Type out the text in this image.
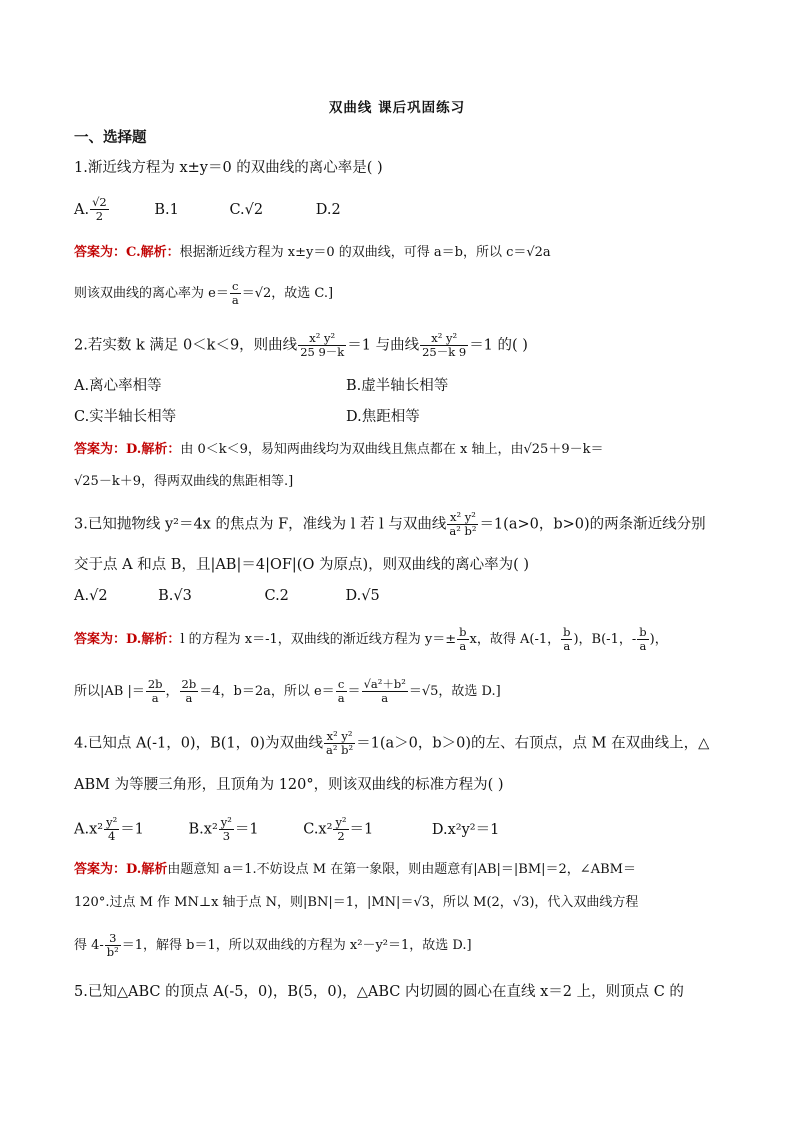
双曲线 课后巩固练习
一、选择题
1.渐近线方程为 x±y＝0 的双曲线的离心率是( )
A. $\frac{√2}{2}$	B.1	C.√2	D.2
答案为：C.解析：根据渐近线方程为 x±y＝0 的双曲线，可得 a＝b，所以 c＝√2a
则该双曲线的离心率为 $e= \frac{c}{a} =√2$，故选 C.]
2.若实数 k 满足 0＜k＜9，则曲线 $\frac{\text{x² y²}}{25 9-k} =1$ 与曲线 $\frac{\text{x² y²}}{25-k 9} =1$ 的( )
A.离心率相等	B.虚半轴长相等
C.实半轴长相等	D.焦距相等
答案为：D.解析：由 0＜k＜9，易知两曲线均为双曲线且焦点都在 x 轴上，由√25＋9－k＝
√25－k＋9，得两双曲线的焦距相等.]
3.已知抛物线 y²＝4x 的焦点为 F，准线为 l 若 l 与双曲线 $\frac{\text{x² y²}}{\text{a² b²}} =1(a>0$，b>0)的两条渐近线分别
交于点 A 和点 B，且|AB|＝4|OF|(O 为原点)，则双曲线的离心率为( )
A.√2	B.√3	C.2	D.√5
答案为：D.解析：l 的方程为 x＝-1，双曲线的渐近线方程为 $y=\pm \frac{b}{a}$ x，故得 A(-1， $\frac{b}{a}$ )，B(-1，- $\frac{b}{a}$ )，
所以|AB |＝ $\frac{2b}{a}$ ， $\frac{2b}{a} =4$，b＝2a，所以 $e= \frac{c}{a} = \frac{\text{√a²＋b²}}{a} =√5$，故选 D.]
4.已知点 A(-1，0)，B(1，0)为双曲线 $\frac{\text{x² y²}}{\text{a² b²}} =1(a>0$，b＞0)的左、右顶点，点 M 在双曲线上，△
ABM 为等腰三角形，且顶角为 120°，则该双曲线的标准方程为( )
$A.x^2 \frac{\text{y²}}{4} =1$	$B.x^2 \frac{\text{y²}}{3} =1$	$C.x^2 \frac{\text{y²}}{2} =1$	D.x²y²＝1
答案为：D.解析由题意知 a＝1.不妨设点 M 在第一象限，则由题意有|AB|＝|BM|＝2，∠ABM＝
120°.过点 M 作 MN⊥x 轴于点 N，则|BN|＝1，|MN|＝√3，所以 M(2，√3)，代入双曲线方程
得 $4- \frac{3}{\text{b²}} =1$，解得 b＝1，所以双曲线的方程为 x²－y²＝1，故选 D.]
5.已知△ABC 的顶点 A(-5，0)，B(5，0)，△ABC 内切圆的圆心在直线 x＝2 上，则顶点 C 的
